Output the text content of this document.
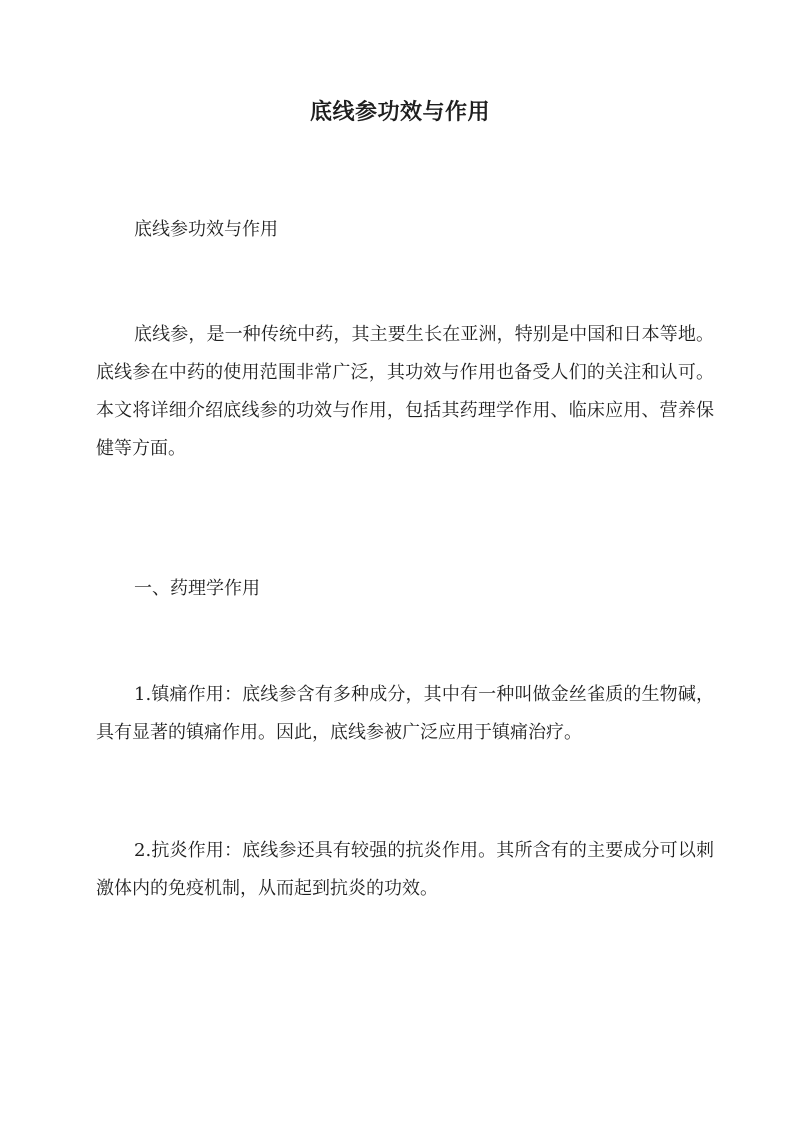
底线参功效与作用

底线参功效与作用

底线参，是一种传统中药，其主要生长在亚洲，特别是中国和日本等地。底线参在中药的使用范围非常广泛，其功效与作用也备受人们的关注和认可。本文将详细介绍底线参的功效与作用，包括其药理学作用、临床应用、营养保健等方面。

一、药理学作用

1.镇痛作用：底线参含有多种成分，其中有一种叫做金丝雀质的生物碱，具有显著的镇痛作用。因此，底线参被广泛应用于镇痛治疗。

2.抗炎作用：底线参还具有较强的抗炎作用。其所含有的主要成分可以刺激体内的免疫机制，从而起到抗炎的功效。
